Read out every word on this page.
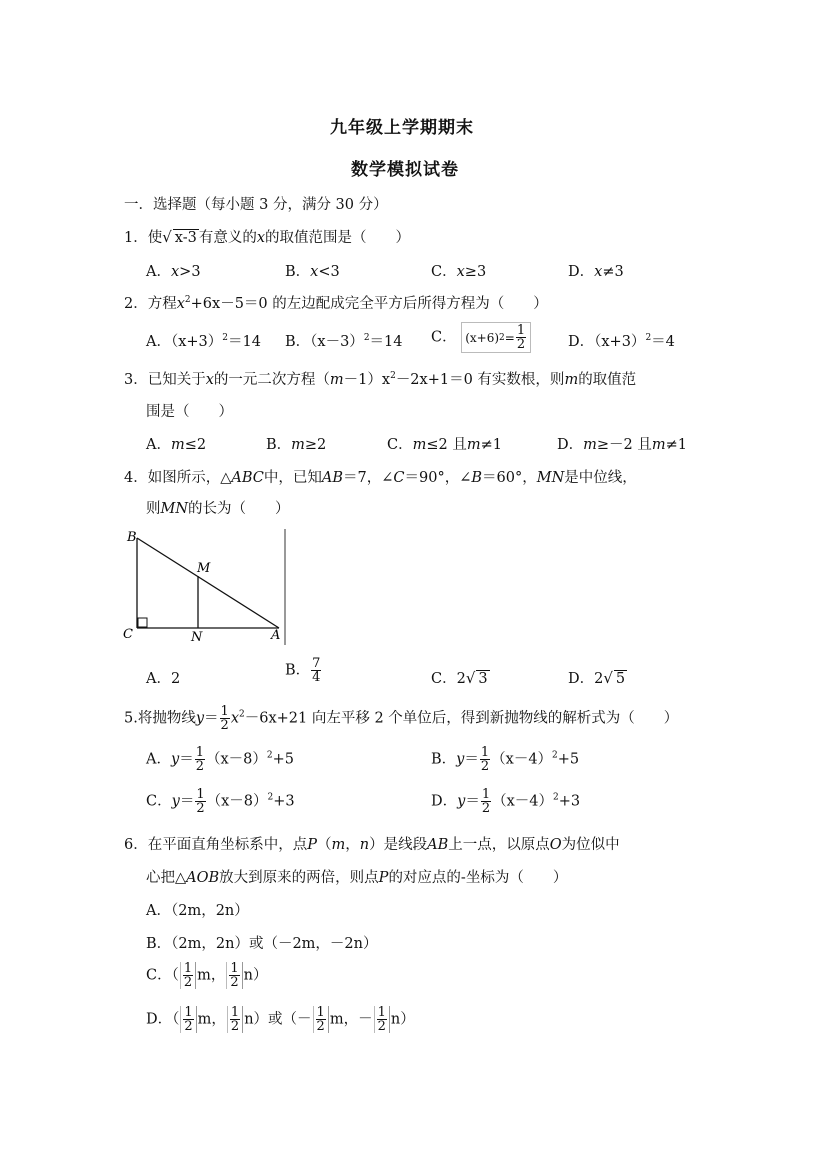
九年级上学期期末
数学模拟试卷
一．选择题（每小题 3 分，满分 30 分）
1．使√ x-3 有意义的x的取值范围是（　　）
A．x>3	B．x<3	C．x≥3	D．x≠3
2．方程$x^2+6x-5=0$ 的左边配成完全平方后所得方程为（　　）
A．$(x+3)^2=14$ B．$(x-3)^2=14$ C． (x+6) $2 = \frac{1}{2}$	D．$(x+3)^2=4$
3．已知关于x的一元二次方程$(m-1)x^2-2x+1=0$ 有实数根，则m的取值范
围是（　　）
A．m≤2	B．m≥2	C．m≤2 且m≠1	D．m≥－2 且m≠1
4．如图所示，△ABC中，已知AB＝7，∠C＝90°，∠B＝60°，MN是中位线，
则MN的长为（　　）
B
M
C	N	A
A．2
B． $\frac{7}{4}$	C．2√ 3	D．2√ 5
5.将抛物线$y= \frac{1}{2} x^2-6x+21$ 向左平移 2 个单位后，得到新抛物线的解析式为（　　）
A．$y= \frac{1}{2} (x-8)^2+5$	B．$y= \frac{1}{2} (x-4)^2+5$
C．$y= \frac{1}{2} (x-8)^2+3$	D．$y= \frac{1}{2} (x-4)^2+3$
6．在平面直角坐标系中，点P（m，n）是线段AB上一点，以原点O为位似中
心把△AOB放大到原来的两倍，则点P的对应点的-坐标为（　　）
A．（2m，2n）
B．（2m，2n）或（－2m，－2n）
C．（ $\frac{1}{2}$ m， $\frac{1}{2} n$）
D．（ $\frac{1}{2}$ m， $\frac{1}{2} n$）或（－ $\frac{1}{2}$ m，－ $\frac{1}{2} n$）
